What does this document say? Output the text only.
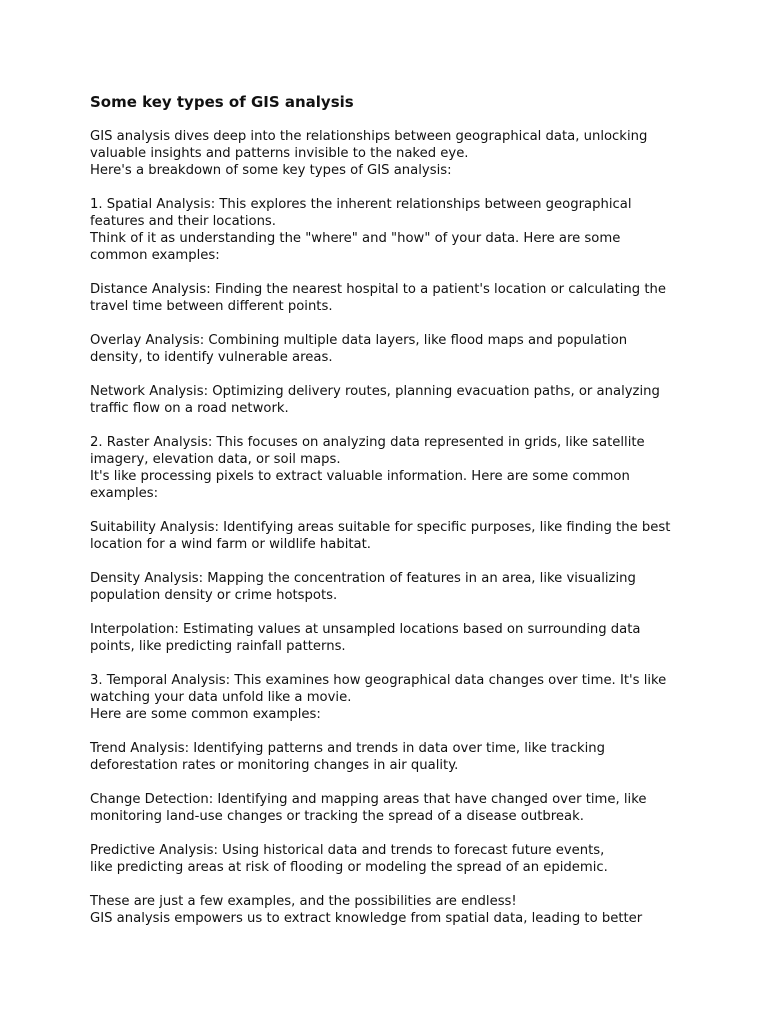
Some key types of GIS analysis
GIS analysis dives deep into the relationships between geographical data, unlocking
valuable insights and patterns invisible to the naked eye.
Here's a breakdown of some key types of GIS analysis:
1. Spatial Analysis: This explores the inherent relationships between geographical
features and their locations.
Think of it as understanding the "where" and "how" of your data. Here are some
common examples:
Distance Analysis: Finding the nearest hospital to a patient's location or calculating the
travel time between different points.
Overlay Analysis: Combining multiple data layers, like flood maps and population
density, to identify vulnerable areas.
Network Analysis: Optimizing delivery routes, planning evacuation paths, or analyzing
traffic flow on a road network.
2. Raster Analysis: This focuses on analyzing data represented in grids, like satellite
imagery, elevation data, or soil maps.
It's like processing pixels to extract valuable information. Here are some common
examples:
Suitability Analysis: Identifying areas suitable for specific purposes, like finding the best
location for a wind farm or wildlife habitat.
Density Analysis: Mapping the concentration of features in an area, like visualizing
population density or crime hotspots.
Interpolation: Estimating values at unsampled locations based on surrounding data
points, like predicting rainfall patterns.
3. Temporal Analysis: This examines how geographical data changes over time. It's like
watching your data unfold like a movie.
Here are some common examples:
Trend Analysis: Identifying patterns and trends in data over time, like tracking
deforestation rates or monitoring changes in air quality.
Change Detection: Identifying and mapping areas that have changed over time, like
monitoring land-use changes or tracking the spread of a disease outbreak.
Predictive Analysis: Using historical data and trends to forecast future events,
like predicting areas at risk of flooding or modeling the spread of an epidemic.
These are just a few examples, and the possibilities are endless!
GIS analysis empowers us to extract knowledge from spatial data, leading to better
